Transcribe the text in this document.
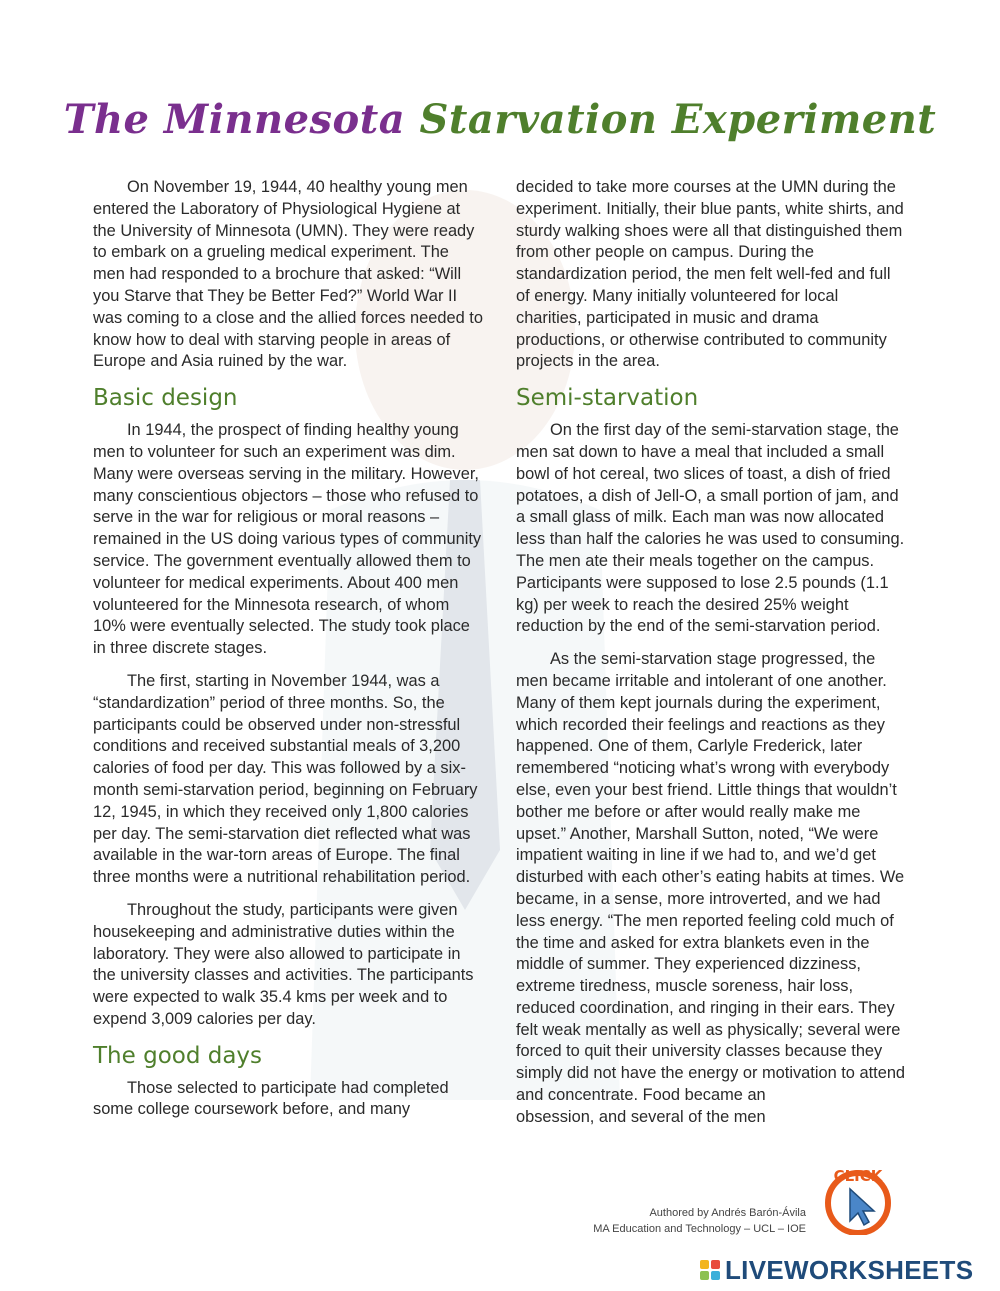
The Minnesota Starvation Experiment

On November 19, 1944, 40 healthy young men entered the Laboratory of Physiological Hygiene at the University of Minnesota (UMN). They were ready to embark on a grueling medical experiment. The men had responded to a brochure that asked: “Will you Starve that They be Better Fed?” World War II was coming to a close and the allied forces needed to know how to deal with starving people in areas of Europe and Asia ruined by the war.

Basic design

In 1944, the prospect of finding healthy young men to volunteer for such an experiment was dim. Many were overseas serving in the military. However, many conscientious objectors – those who refused to serve in the war for religious or moral reasons – remained in the US doing various types of community service. The government eventually allowed them to volunteer for medical experiments. About 400 men volunteered for the Minnesota research, of whom 10% were eventually selected. The study took place in three discrete stages.

The first, starting in November 1944, was a “standardization” period of three months. So, the participants could be observed under non-stressful conditions and received substantial meals of 3,200 calories of food per day. This was followed by a six-month semi-starvation period, beginning on February 12, 1945, in which they received only 1,800 calories per day. The semi-starvation diet reflected what was available in the war-torn areas of Europe. The final three months were a nutritional rehabilitation period.

Throughout the study, participants were given housekeeping and administrative duties within the laboratory. They were also allowed to participate in the university classes and activities. The participants were expected to walk 35.4 kms per week and to expend 3,009 calories per day.

The good days

Those selected to participate had completed some college coursework before, and many

decided to take more courses at the UMN during the experiment. Initially, their blue pants, white shirts, and sturdy walking shoes were all that distinguished them from other people on campus. During the standardization period, the men felt well-fed and full of energy. Many initially volunteered for local charities, participated in music and drama productions, or otherwise contributed to community projects in the area.

Semi-starvation

On the first day of the semi-starvation stage, the men sat down to have a meal that included a small bowl of hot cereal, two slices of toast, a dish of fried potatoes, a dish of Jell-O, a small portion of jam, and a small glass of milk. Each man was now allocated less than half the calories he was used to consuming. The men ate their meals together on the campus. Participants were supposed to lose 2.5 pounds (1.1 kg) per week to reach the desired 25% weight reduction by the end of the semi-starvation period.

As the semi-starvation stage progressed, the men became irritable and intolerant of one another. Many of them kept journals during the experiment, which recorded their feelings and reactions as they happened. One of them, Carlyle Frederick, later remembered “noticing what’s wrong with everybody else, even your best friend. Little things that wouldn’t bother me before or after would really make me upset.” Another, Marshall Sutton, noted, “We were impatient waiting in line if we had to, and we’d get disturbed with each other’s eating habits at times. We became, in a sense, more introverted, and we had less energy. “The men reported feeling cold much of the time and asked for extra blankets even in the middle of summer. They experienced dizziness, extreme tiredness, muscle soreness, hair loss, reduced coordination, and ringing in their ears. They felt weak mentally as well as physically; several were forced to quit their university classes because they simply did not have the energy or motivation to attend and concentrate. Food became an

obsession, and several of the men

Authored by Andrés Barón-Ávila
MA Education and Technology – UCL – IOE
CLICK
LIVEWORKSHEETS
